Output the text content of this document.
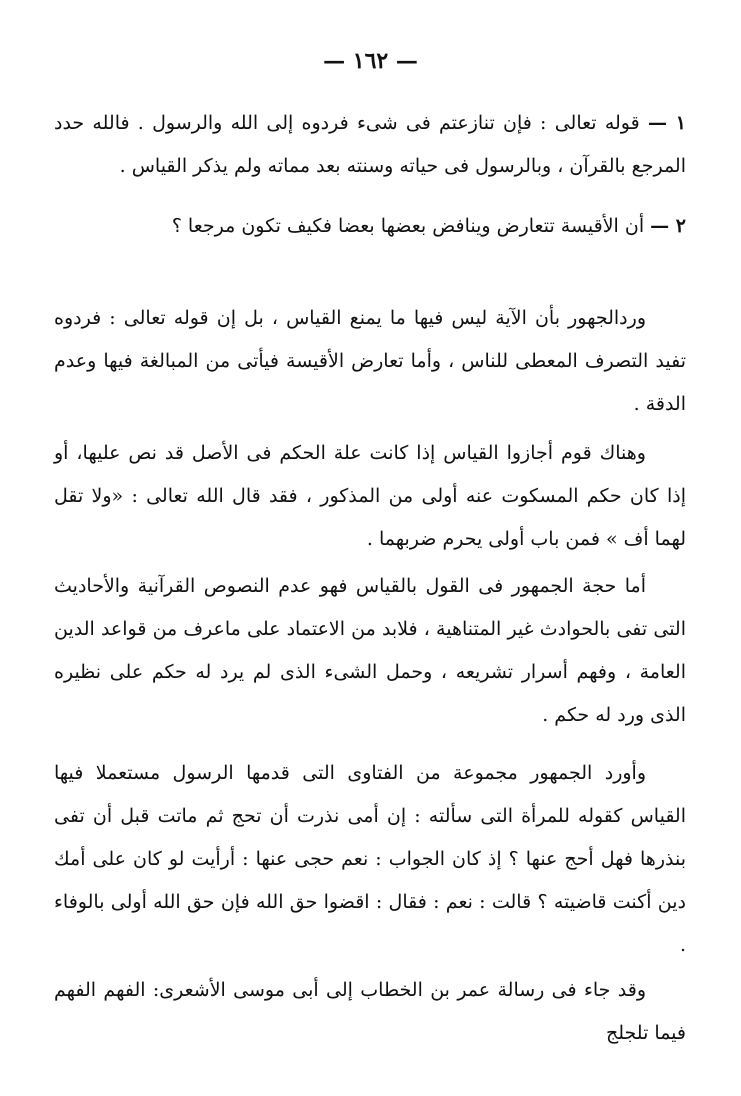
— ١٦٢ —

١ — قوله تعالى : فإن تنازعتم فى شىء فردوه إلى الله والرسول . فالله حدد المرجع بالقرآن ، وبالرسول فى حياته وسنته بعد مماته ولم يذكر القياس .

٢ — أن الأقيسة تتعارض وينافض بعضها بعضا فكيف تكون مرجعا ؟

وردالجهور بأن الآية ليس فيها ما يمنع القياس ، بل إن قوله تعالى : فردوه تفيد التصرف المعطى للناس ، وأما تعارض الأقيسة فيأتى من المبالغة فيها وعدم الدقة .

وهناك قوم أجازوا القياس إذا كانت علة الحكم فى الأصل قد نص عليها، أو إذا كان حكم المسكوت عنه أولى من المذكور ، فقد قال الله تعالى : «ولا تقل لهما أف » فمن باب أولى يحرم ضربهما .

أما حجة الجمهور فى القول بالقياس فهو عدم النصوص القرآنية والأحاديث التى تفى بالحوادث غير المتناهية ، فلابد من الاعتماد على ماعرف من قواعد الدين العامة ، وفهم أسرار تشريعه ، وحمل الشىء الذى لم يرد له حكم على نظيره الذى ورد له حكم .

وأورد الجمهور مجموعة من الفتاوى التى قدمها الرسول مستعملا فيها القياس كقوله للمرأة التى سألته : إن أمى نذرت أن تحج ثم ماتت قبل أن تفى بنذرها فهل أحج عنها ؟ إذ كان الجواب : نعم حجى عنها : أرأيت لو كان على أمك دين أكنت قاضيته ؟ قالت : نعم : فقال : اقضوا حق الله فإن حق الله أولى بالوفاء .

وقد جاء فى رسالة عمر بن الخطاب إلى أبى موسى الأشعرى: الفهم الفهم فيما تلجلج
